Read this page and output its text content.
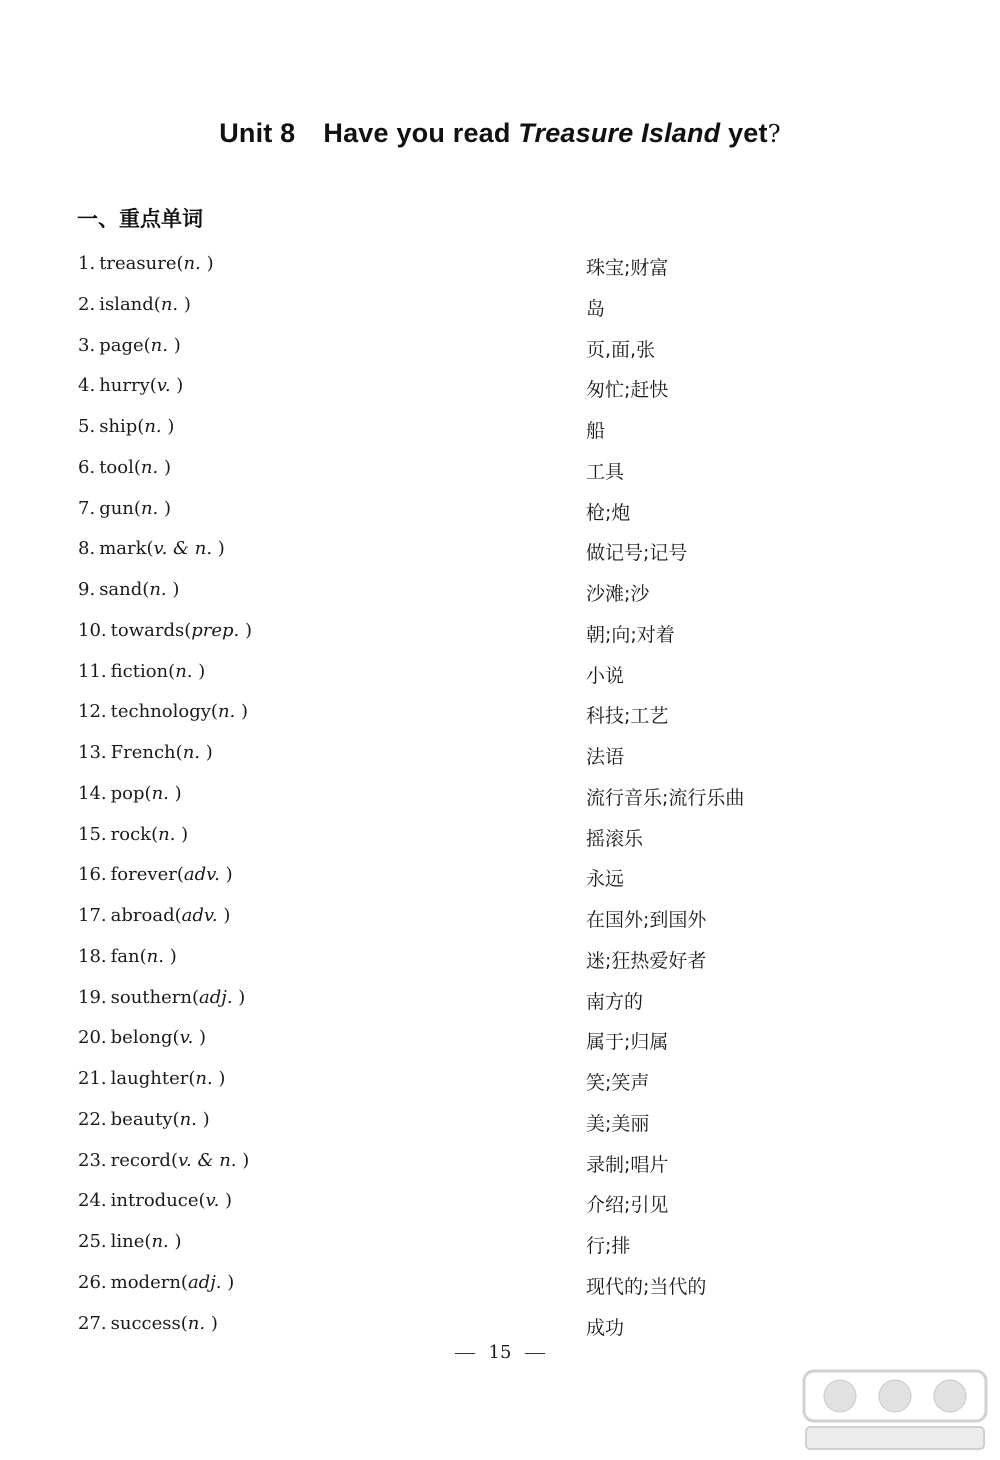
Unit 8 Have you read Treasure Island yet?
一、重点单词
1. treasure(n. )	珠宝;财富
2. island(n. )	岛
3. page(n. )	页,面,张
4. hurry(v. )	匆忙;赶快
5. ship(n. )	船
6. tool(n. )	工具
7. gun(n. )	枪;炮
8. mark(v. & n. )	做记号;记号
9. sand(n. )	沙滩;沙
10. towards(prep. )	朝;向;对着
11. fiction(n. )	小说
12. technology(n. )	科技;工艺
13. French(n. )	法语
14. pop(n. )	流行音乐;流行乐曲
15. rock(n. )	摇滚乐
16. forever(adv. )	永远
17. abroad(adv. )	在国外;到国外
18. fan(n. )	迷;狂热爱好者
19. southern(adj. )	南方的
20. belong(v. )	属于;归属
21. laughter(n. )	笑;笑声
22. beauty(n. )	美;美丽
23. record(v. & n. )	录制;唱片
24. introduce(v. )	介绍;引见
25. line(n. )	行;排
26. modern(adj. )	现代的;当代的
27. success(n. )	成功
15
